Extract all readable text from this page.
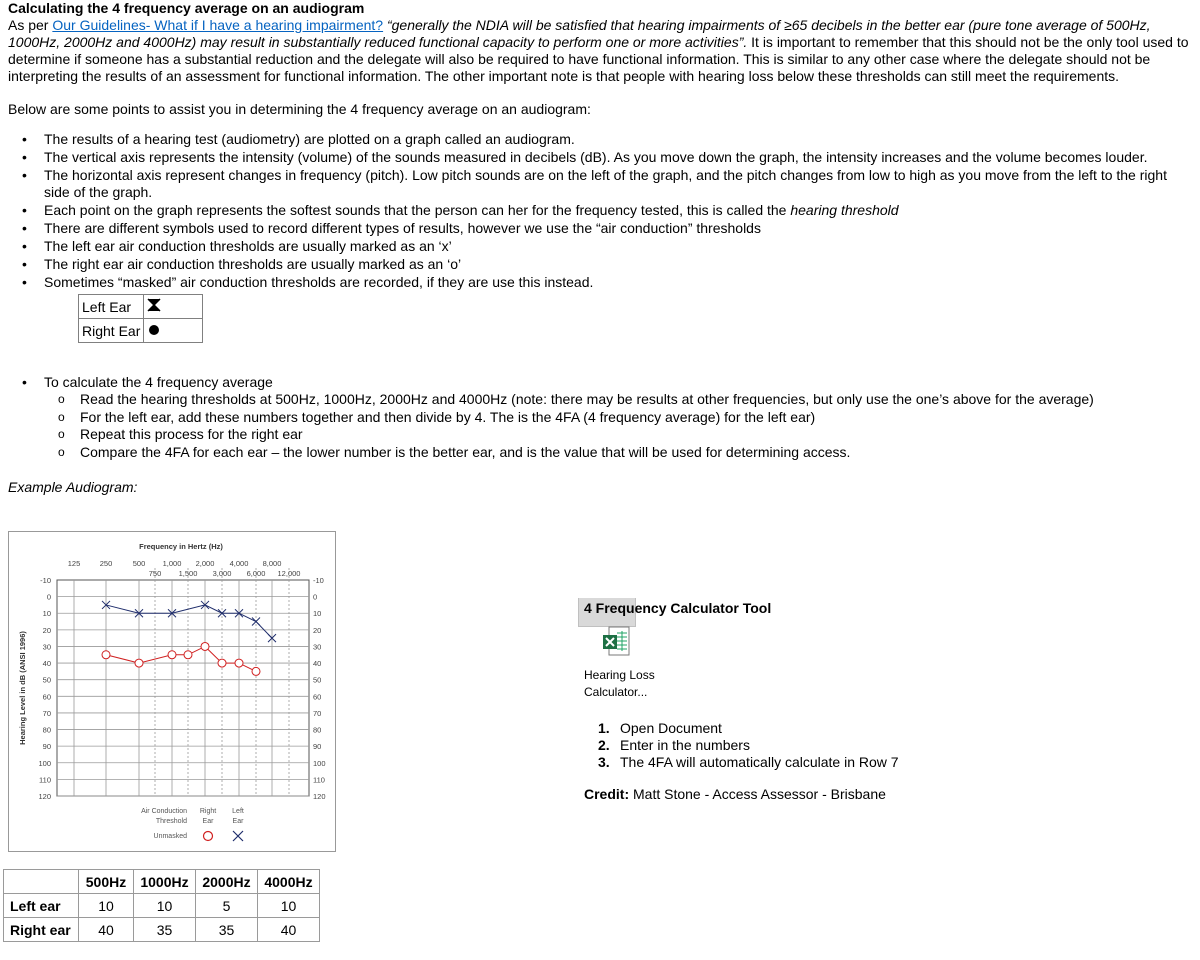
Calculating the 4 frequency average on an audiogram

As per Our Guidelines- What if I have a hearing impairment? “generally the NDIA will be satisfied that hearing impairments of ≥65 decibels in the better ear (pure tone average of 500Hz, 1000Hz, 2000Hz and 4000Hz) may result in substantially reduced functional capacity to perform one or more activities”. It is important to remember that this should not be the only tool used to determine if someone has a substantial reduction and the delegate will also be required to have functional information. This is similar to any other case where the delegate should not be interpreting the results of an assessment for functional information. The other important note is that people with hearing loss below these thresholds can still meet the requirements.

Below are some points to assist you in determining the 4 frequency average on an audiogram:

• The results of a hearing test (audiometry) are plotted on a graph called an audiogram.
• The vertical axis represents the intensity (volume) of the sounds measured in decibels (dB). As you move down the graph, the intensity increases and the volume becomes louder.
• The horizontal axis represent changes in frequency (pitch). Low pitch sounds are on the left of the graph, and the pitch changes from low to high as you move from the left to the right side of the graph.
• Each point on the graph represents the softest sounds that the person can her for the frequency tested, this is called the hearing threshold
• There are different symbols used to record different types of results, however we use the “air conduction” thresholds
• The left ear air conduction thresholds are usually marked as an ‘x’
• The right ear air conduction thresholds are usually marked as an ‘o’
• Sometimes “masked” air conduction thresholds are recorded, if they are use this instead.
Left Ear	
Right Ear	
• To calculate the 4 frequency average
o Read the hearing thresholds at 500Hz, 1000Hz, 2000Hz and 4000Hz (note: there may be results at other frequencies, but only use the one’s above for the average)
o For the left ear, add these numbers together and then divide by 4. The is the 4FA (4 frequency average) for the left ear)
o Repeat this process for the right ear
o Compare the 4FA for each ear – the lower number is the better ear, and is the value that will be used for determining access.

Example Audiogram:

-10	-10
0	0
10	10
20	20
30	30
40	40
50	50
60	60
70	70
80	80
90	90
100	100
110	110
120	120
125	250	500 1,000 2,000 4,000 8,000
750 1,500 3,000 6,000 12,000
Frequency in Hertz (Hz)
Hearing Level in dB (ANSI 1996)
Air Conduction
Threshold
Unmasked
Right
Ear
Left
Ear
	500Hz	1000Hz	2000Hz	4000Hz
Left ear	10	10	5	10
Right ear	40	35	35	40
4 Frequency Calculator Tool
Hearing Loss
Calculator...
1. Open Document
2. Enter in the numbers
3. The 4FA will automatically calculate in Row 7
Credit: Matt Stone - Access Assessor - Brisbane
